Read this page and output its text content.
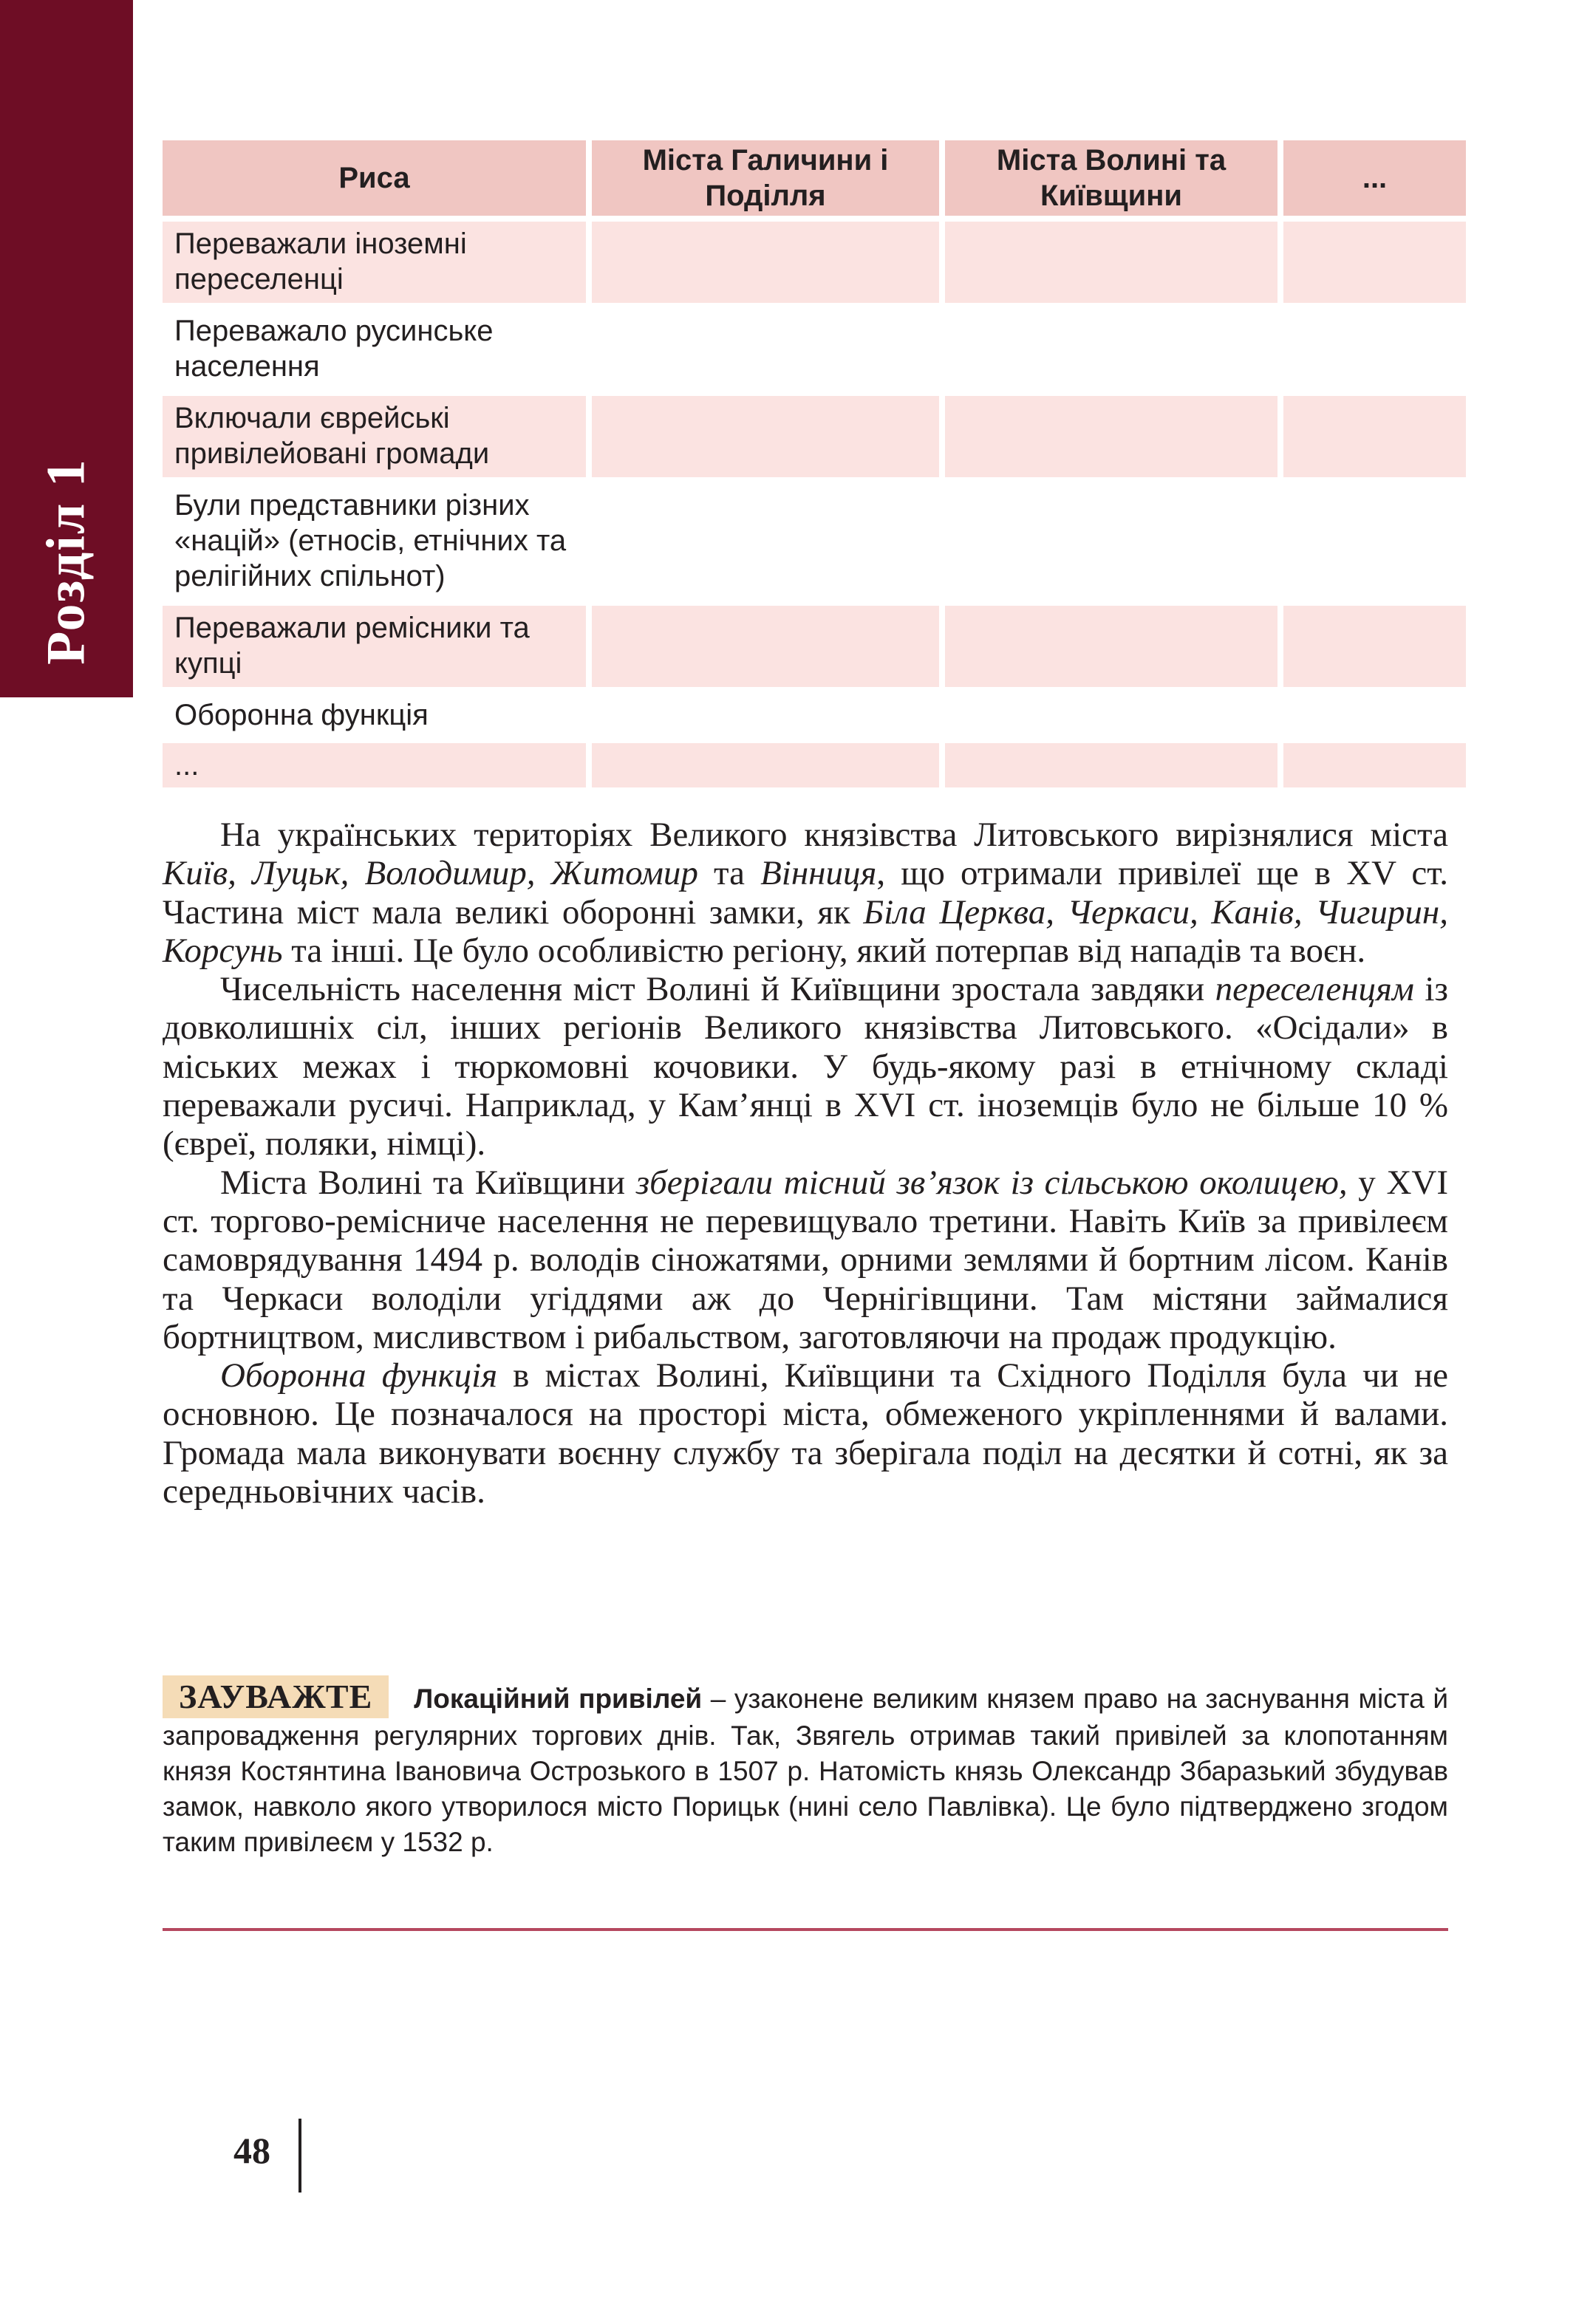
Розділ 1
Риса	Міста Галичини і Поділля	Міста Волині та Київщини	...
Переважали іноземні переселенці			
Переважало русинське населення			
Включали єврейські привілейовані громади			
Були представники різних «націй» (етносів, етнічних та релігійних спільнот)			
Переважали ремісники та купці			
Оборонна функція			
...			

На українських територіях Великого князівства Литовського вирізнялися міста Київ, Луцьк, Володимир, Житомир та Вінниця, що отримали привілеї ще в XV ст. Частина міст мала великі оборонні замки, як Біла Церква, Черкаси, Канів, Чигирин, Корсунь та інші. Це було особливістю регіону, який потерпав від нападів та воєн.

Чисельність населення міст Волині й Київщини зростала завдяки переселенцям із довколишніх сіл, інших регіонів Великого князівства Литовського. «Осідали» в міських межах і тюркомовні кочовики. У будь-якому разі в етнічному складі переважали русичі. Наприклад, у Кам’янці в XVI ст. іноземців було не більше 10 % (євреї, поляки, німці).

Міста Волині та Київщини зберігали тісний зв’язок із сільською околицею, у XVI ст. торгово-ремісниче населення не перевищувало третини. Навіть Київ за привілеєм самоврядування 1494 р. володів сіножатями, орними землями й бортним лісом. Канів та Черкаси володіли угіддями аж до Чернігівщини. Там містяни займалися бортництвом, мисливством і рибальством, заготовляючи на продаж продукцію.

Оборонна функція в містах Волині, Київщини та Східного Поділля була чи не основною. Це позначалося на просторі міста, обмеженого укріпленнями й валами. Громада мала виконувати воєнну службу та зберігала поділ на десятки й сотні, як за середньовічних часів.

ЗАУВАЖТЕ Локаційний привілей – узаконене великим князем право на заснування міста й запровадження регулярних торгових днів. Так, Звягель отримав такий привілей за клопотанням князя Костянтина Івановича Острозького в 1507 р. Натомість князь Олександр Збаразький збудував замок, навколо якого утворилося місто Порицьк (нині село Павлівка). Це було підтверджено згодом таким привілеєм у 1532 р.
48
